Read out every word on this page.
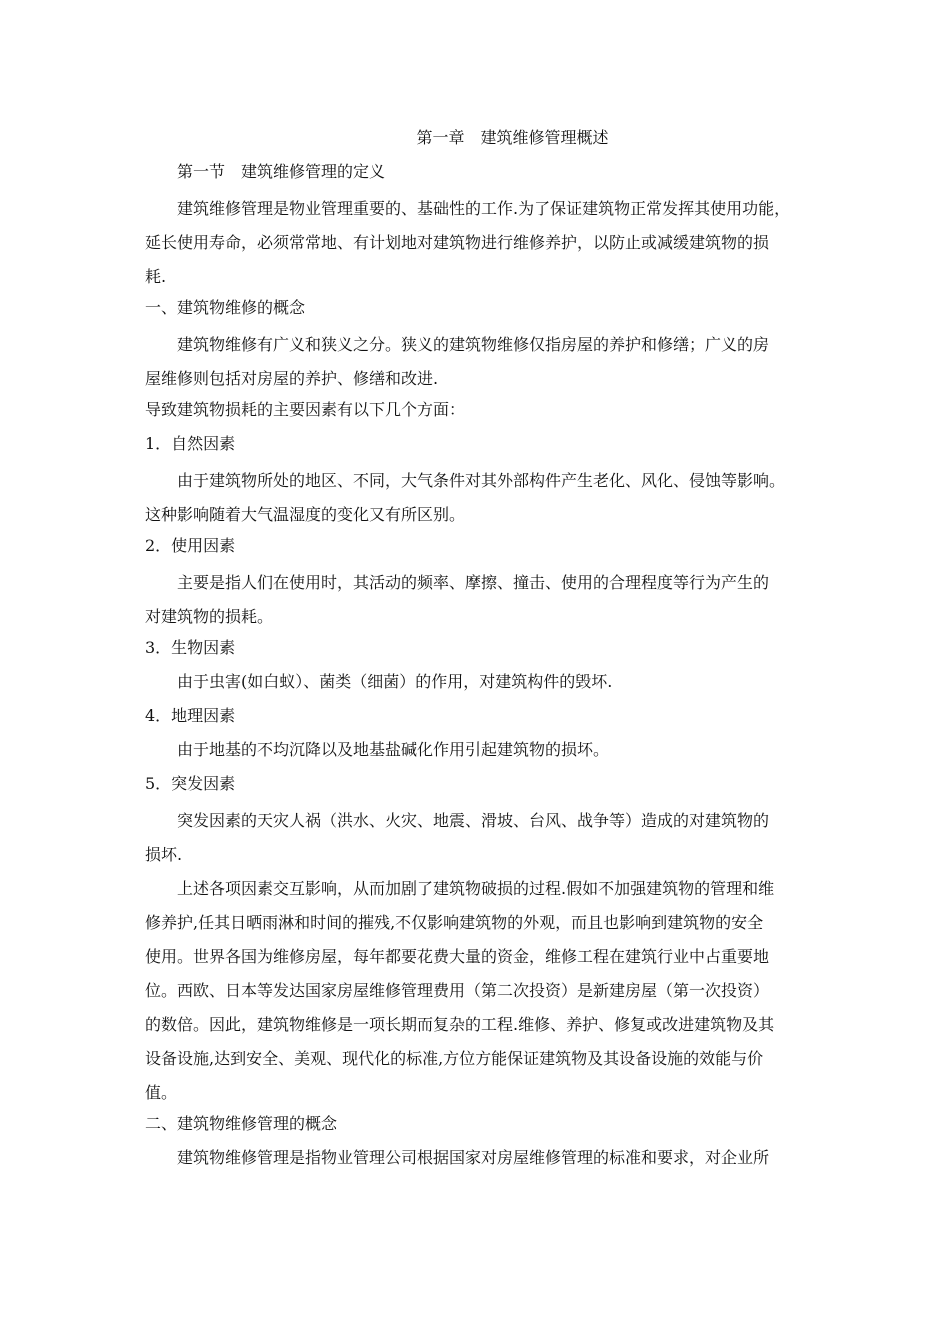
第一章　建筑维修管理概述
第一节　建筑维修管理的定义
建筑维修管理是物业管理重要的、基础性的工作.为了保证建筑物正常发挥其使用功能，
延长使用寿命，必须常常地、有计划地对建筑物进行维修养护，以防止或减缓建筑物的损
耗.
一、建筑物维修的概念
建筑物维修有广义和狭义之分。狭义的建筑物维修仅指房屋的养护和修缮；广义的房
屋维修则包括对房屋的养护、修缮和改进.
导致建筑物损耗的主要因素有以下几个方面：
1．自然因素
由于建筑物所处的地区、不同，大气条件对其外部构件产生老化、风化、侵蚀等影响。
这种影响随着大气温湿度的变化又有所区别。
2．使用因素
主要是指人们在使用时，其活动的频率、摩擦、撞击、使用的合理程度等行为产生的
对建筑物的损耗。
3．生物因素
由于虫害(如白蚁）、菌类（细菌）的作用，对建筑构件的毁坏.
4．地理因素
由于地基的不均沉降以及地基盐碱化作用引起建筑物的损坏。
5．突发因素
突发因素的天灾人祸（洪水、火灾、地震、滑坡、台风、战争等）造成的对建筑物的
损坏.
上述各项因素交互影响，从而加剧了建筑物破损的过程.假如不加强建筑物的管理和维
修养护,任其日晒雨淋和时间的摧残,不仅影响建筑物的外观，而且也影响到建筑物的安全
使用。世界各国为维修房屋，每年都要花费大量的资金，维修工程在建筑行业中占重要地
位。西欧、日本等发达国家房屋维修管理费用（第二次投资）是新建房屋（第一次投资）
的数倍。因此，建筑物维修是一项长期而复杂的工程.维修、养护、修复或改进建筑物及其
设备设施,达到安全、美观、现代化的标准,方位方能保证建筑物及其设备设施的效能与价
值。
二、建筑物维修管理的概念
建筑物维修管理是指物业管理公司根据国家对房屋维修管理的标准和要求，对企业所
